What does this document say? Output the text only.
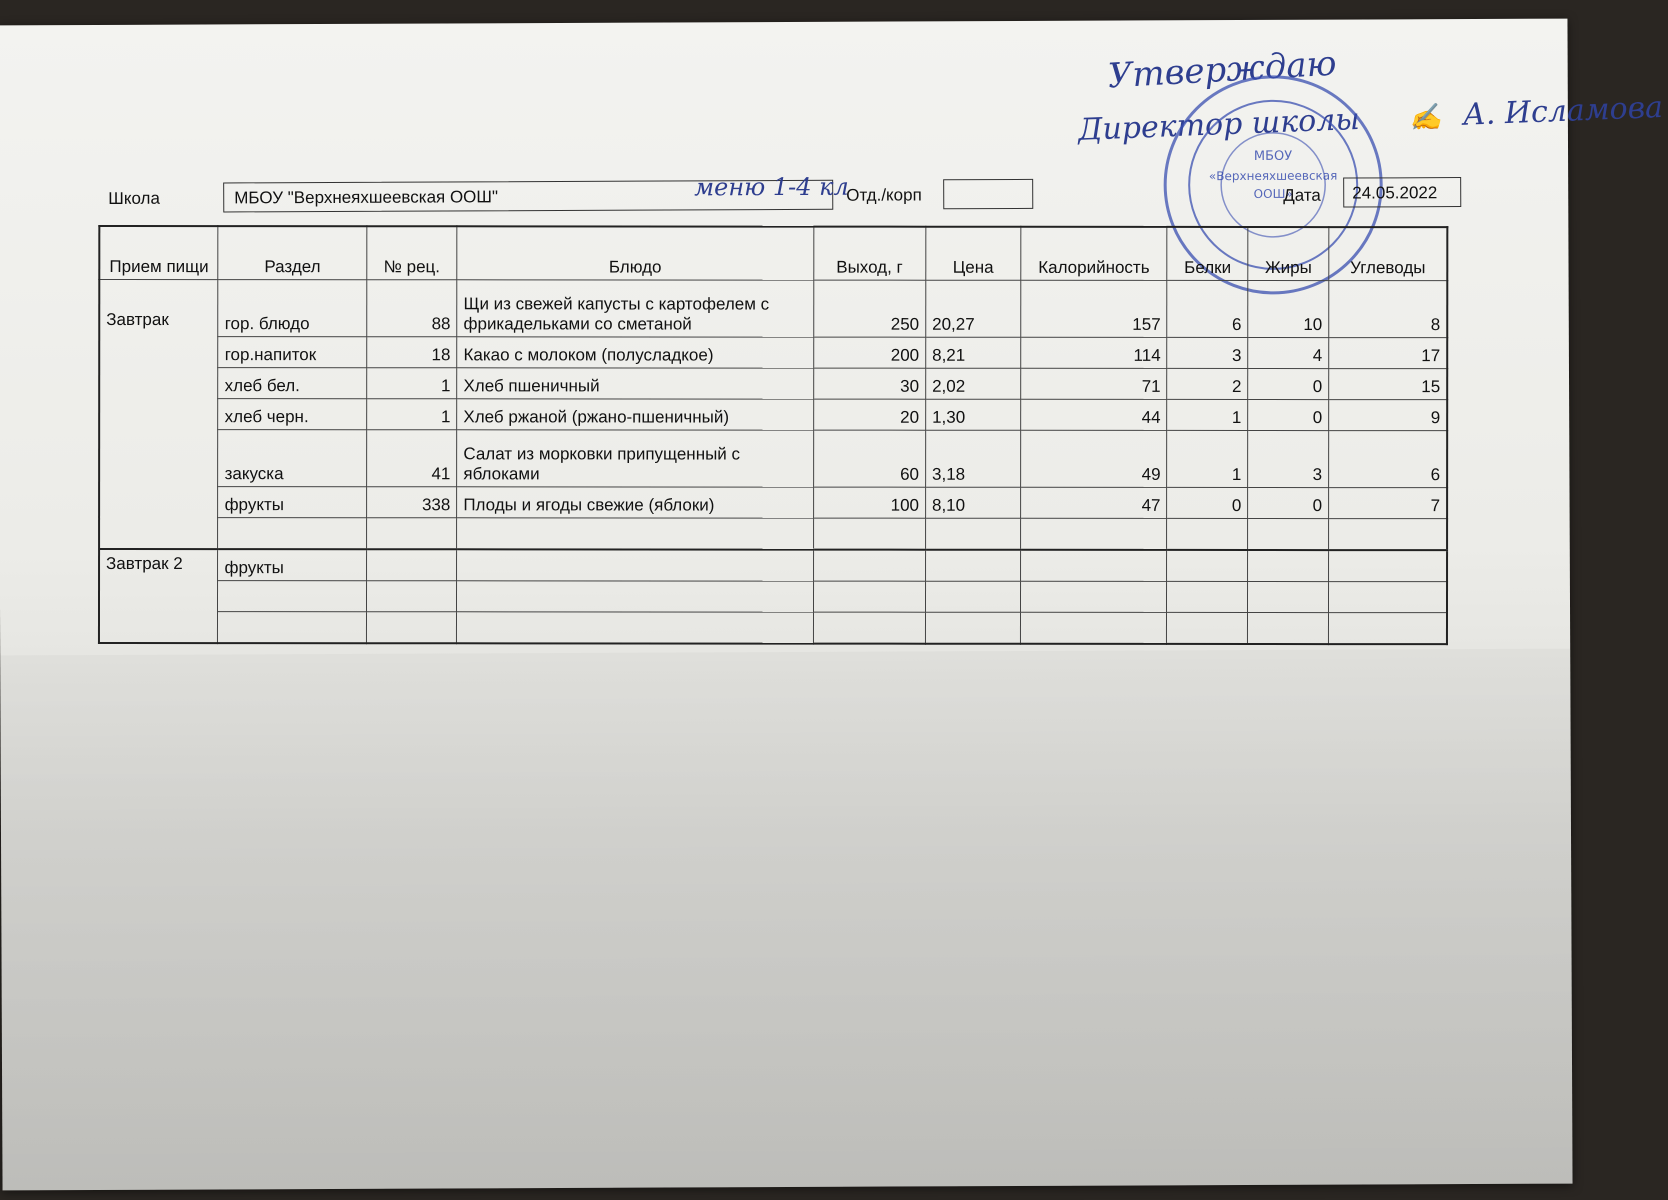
Утверждаю
Директор школы ✍ А. Исламова
МБОУ
«Верхнеяхшеевская
ООШ»
Школа	МБОУ "Верхнеяхшеевская ООШ"	меню 1-4 кл
Отд./корп	Дата	24.05.2022
Прием пищи	Раздел	№ рец.	Блюдо	Выход, г	Цена	Калорийность	Белки	Жиры	Углеводы
Завтрак	гор. блюдо	88	Щи из свежей капусты с картофелем с фрикадельками со сметаной	250	20,27	157	6	10	8
	гор.напиток	18	Какао с молоком (полусладкое)	200	8,21	114	3	4	17
	хлеб бел.	1	Хлеб пшеничный	30	2,02	71	2	0	15
	хлеб черн.	1	Хлеб ржаной (ржано-пшеничный)	20	1,30	44	1	0	9
	закуска	41	Салат из морковки припущенный с яблоками	60	3,18	49	1	3	6
	фрукты	338	Плоды и ягоды свежие (яблоки)	100	8,10	47	0	0	7

Завтрак 2	фрукты								
